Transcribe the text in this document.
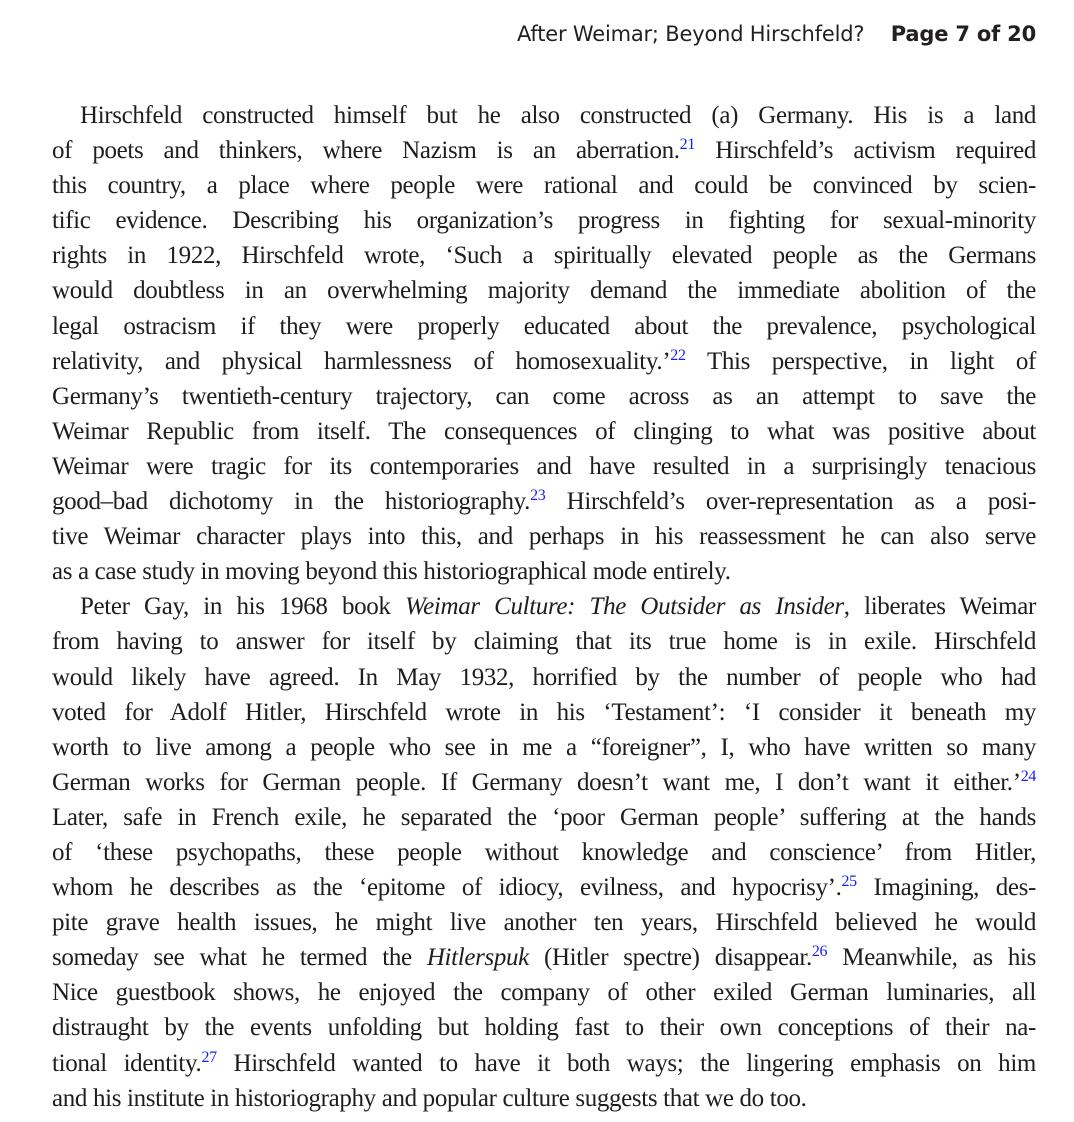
After Weimar; Beyond Hirschfeld? Page 7 of 20
Hirschfeld constructed himself but he also constructed (a) Germany. His is a land
of poets and thinkers, where Nazism is an aberration.$^{21}$ Hirschfeld’s activism required
this country, a place where people were rational and could be convinced by scien-
tific evidence. Describing his organization’s progress in fighting for sexual-minority
rights in 1922, Hirschfeld wrote, ‘Such a spiritually elevated people as the Germans
would doubtless in an overwhelming majority demand the immediate abolition of the
legal ostracism if they were properly educated about the prevalence, psychological
relativity, and physical harmlessness of homosexuality.’$^{22}$ This perspective, in light of
Germany’s twentieth-century trajectory, can come across as an attempt to save the
Weimar Republic from itself. The consequences of clinging to what was positive about
Weimar were tragic for its contemporaries and have resulted in a surprisingly tenacious
good–bad dichotomy in the historiography.$^{23}$ Hirschfeld’s over-representation as a posi-
tive Weimar character plays into this, and perhaps in his reassessment he can also serve
as a case study in moving beyond this historiographical mode entirely.
Peter Gay, in his 1968 book Weimar Culture: The Outsider as Insider, liberates Weimar
from having to answer for itself by claiming that its true home is in exile. Hirschfeld
would likely have agreed. In May 1932, horrified by the number of people who had
voted for Adolf Hitler, Hirschfeld wrote in his ‘Testament’: ‘I consider it beneath my
worth to live among a people who see in me a “foreigner”, I, who have written so many
German works for German people. If Germany doesn’t want me, I don’t want it either.’$^{24}$
Later, safe in French exile, he separated the ‘poor German people’ suffering at the hands
of ‘these psychopaths, these people without knowledge and conscience’ from Hitler,
whom he describes as the ‘epitome of idiocy, evilness, and hypocrisy’.$^{25}$ Imagining, des-
pite grave health issues, he might live another ten years, Hirschfeld believed he would
someday see what he termed the Hitlerspuk (Hitler spectre) disappear.$^{26}$ Meanwhile, as his
Nice guestbook shows, he enjoyed the company of other exiled German luminaries, all
distraught by the events unfolding but holding fast to their own conceptions of their na-
tional identity.$^{27}$ Hirschfeld wanted to have it both ways; the lingering emphasis on him
and his institute in historiography and popular culture suggests that we do too.
